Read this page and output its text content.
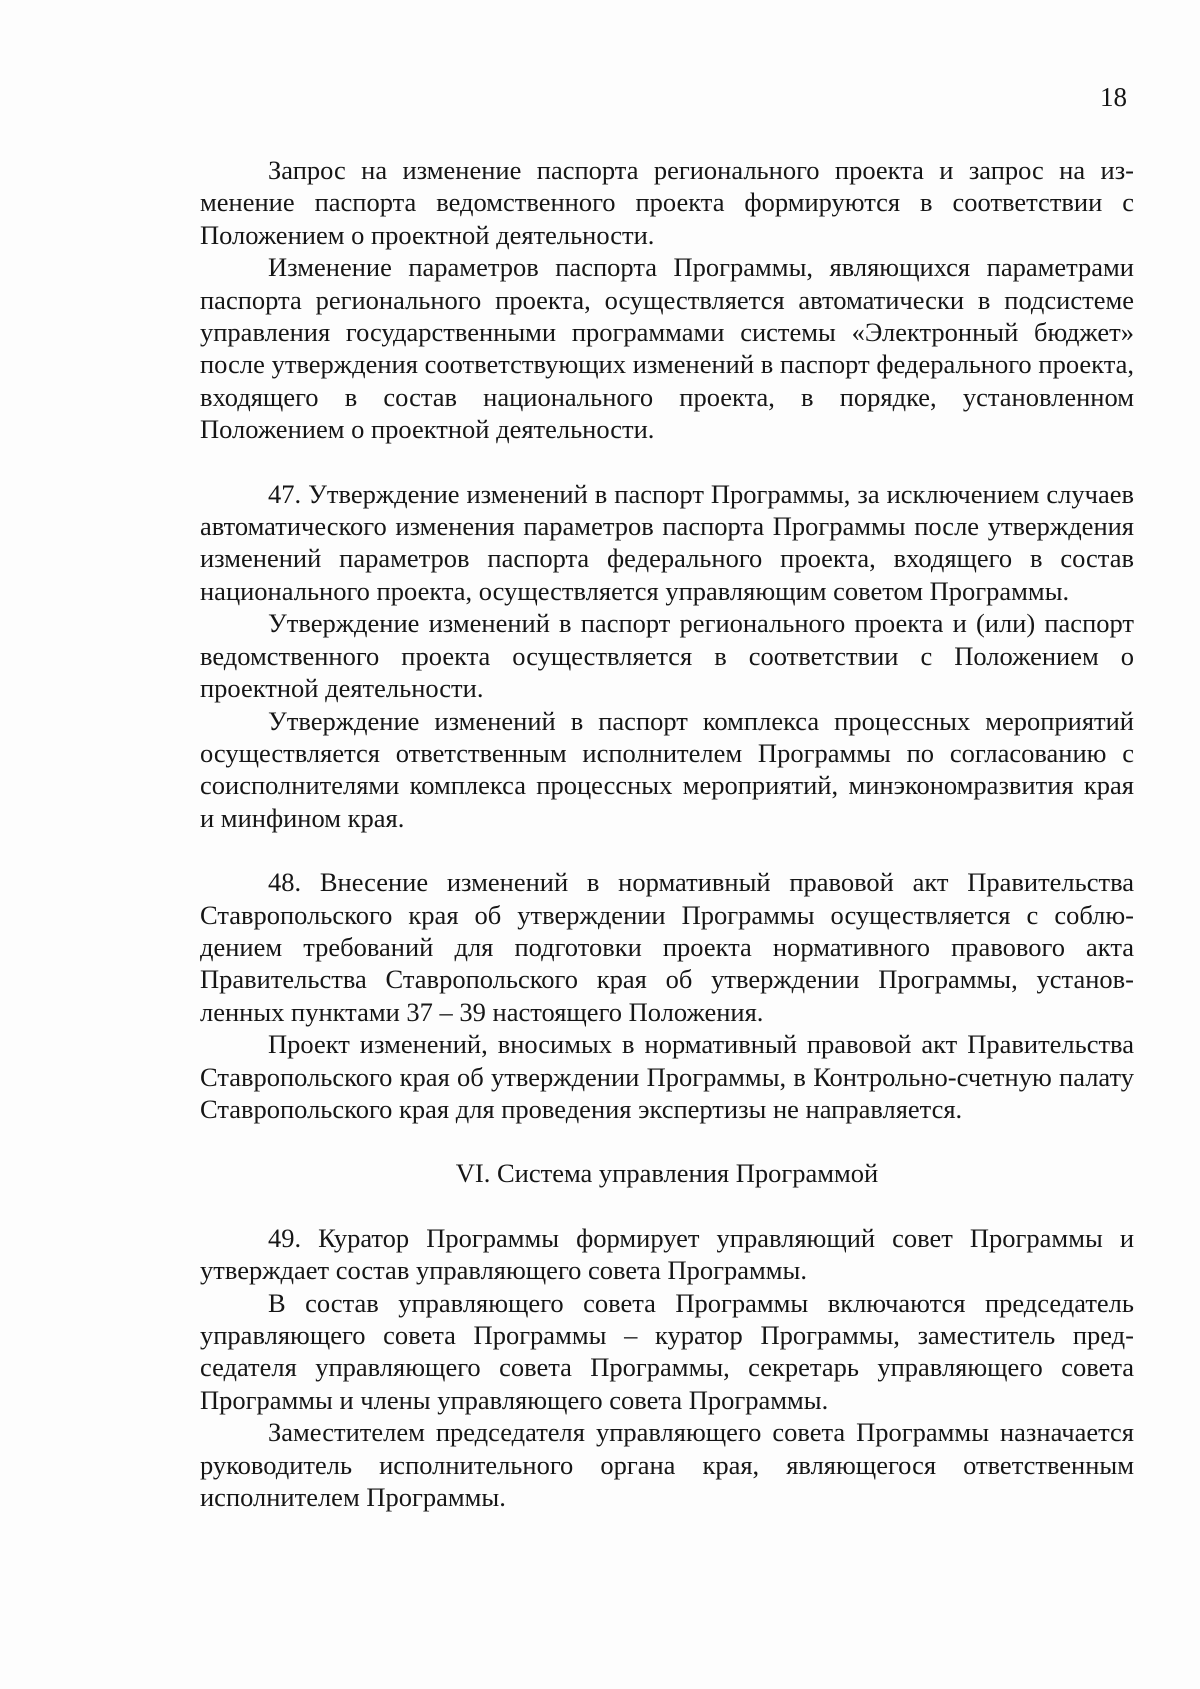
18

Запрос на изменение паспорта регионального проекта и запрос на изменение паспорта ведомственного проекта формируются в соответствии с Положением о проектной деятельности.

Изменение параметров паспорта Программы, являющихся параметрами паспорта регионального проекта, осуществляется автоматически в подсистеме управления государственными программами системы «Электронный бюджет» после утверждения соответствующих изменений в паспорт федерального проекта, входящего в состав национального проекта, в порядке, установленном Положением о проектной деятельности.

47. Утверждение изменений в паспорт Программы, за исключением случаев автоматического изменения параметров паспорта Программы после утверждения изменений параметров паспорта федерального проекта, входящего в состав национального проекта, осуществляется управляющим советом Программы.

Утверждение изменений в паспорт регионального проекта и (или) паспорт ведомственного проекта осуществляется в соответствии с Положением о проектной деятельности.

Утверждение изменений в паспорт комплекса процессных мероприятий осуществляется ответственным исполнителем Программы по согласованию с соисполнителями комплекса процессных мероприятий, минэкономразвития края и минфином края.

48. Внесение изменений в нормативный правовой акт Правительства Ставропольского края об утверждении Программы осуществляется с соблюдением требований для подготовки проекта нормативного правового акта Правительства Ставропольского края об утверждении Программы, установленных пунктами 37 – 39 настоящего Положения.

Проект изменений, вносимых в нормативный правовой акт Правительства Ставропольского края об утверждении Программы, в Контрольно-счетную палату Ставропольского края для проведения экспертизы не направляется.

VI. Система управления Программой

49. Куратор Программы формирует управляющий совет Программы и утверждает состав управляющего совета Программы.

В состав управляющего совета Программы включаются председатель управляющего совета Программы – куратор Программы, заместитель председателя управляющего совета Программы, секретарь управляющего совета Программы и члены управляющего совета Программы.

Заместителем председателя управляющего совета Программы назначается руководитель исполнительного органа края, являющегося ответственным исполнителем Программы.
